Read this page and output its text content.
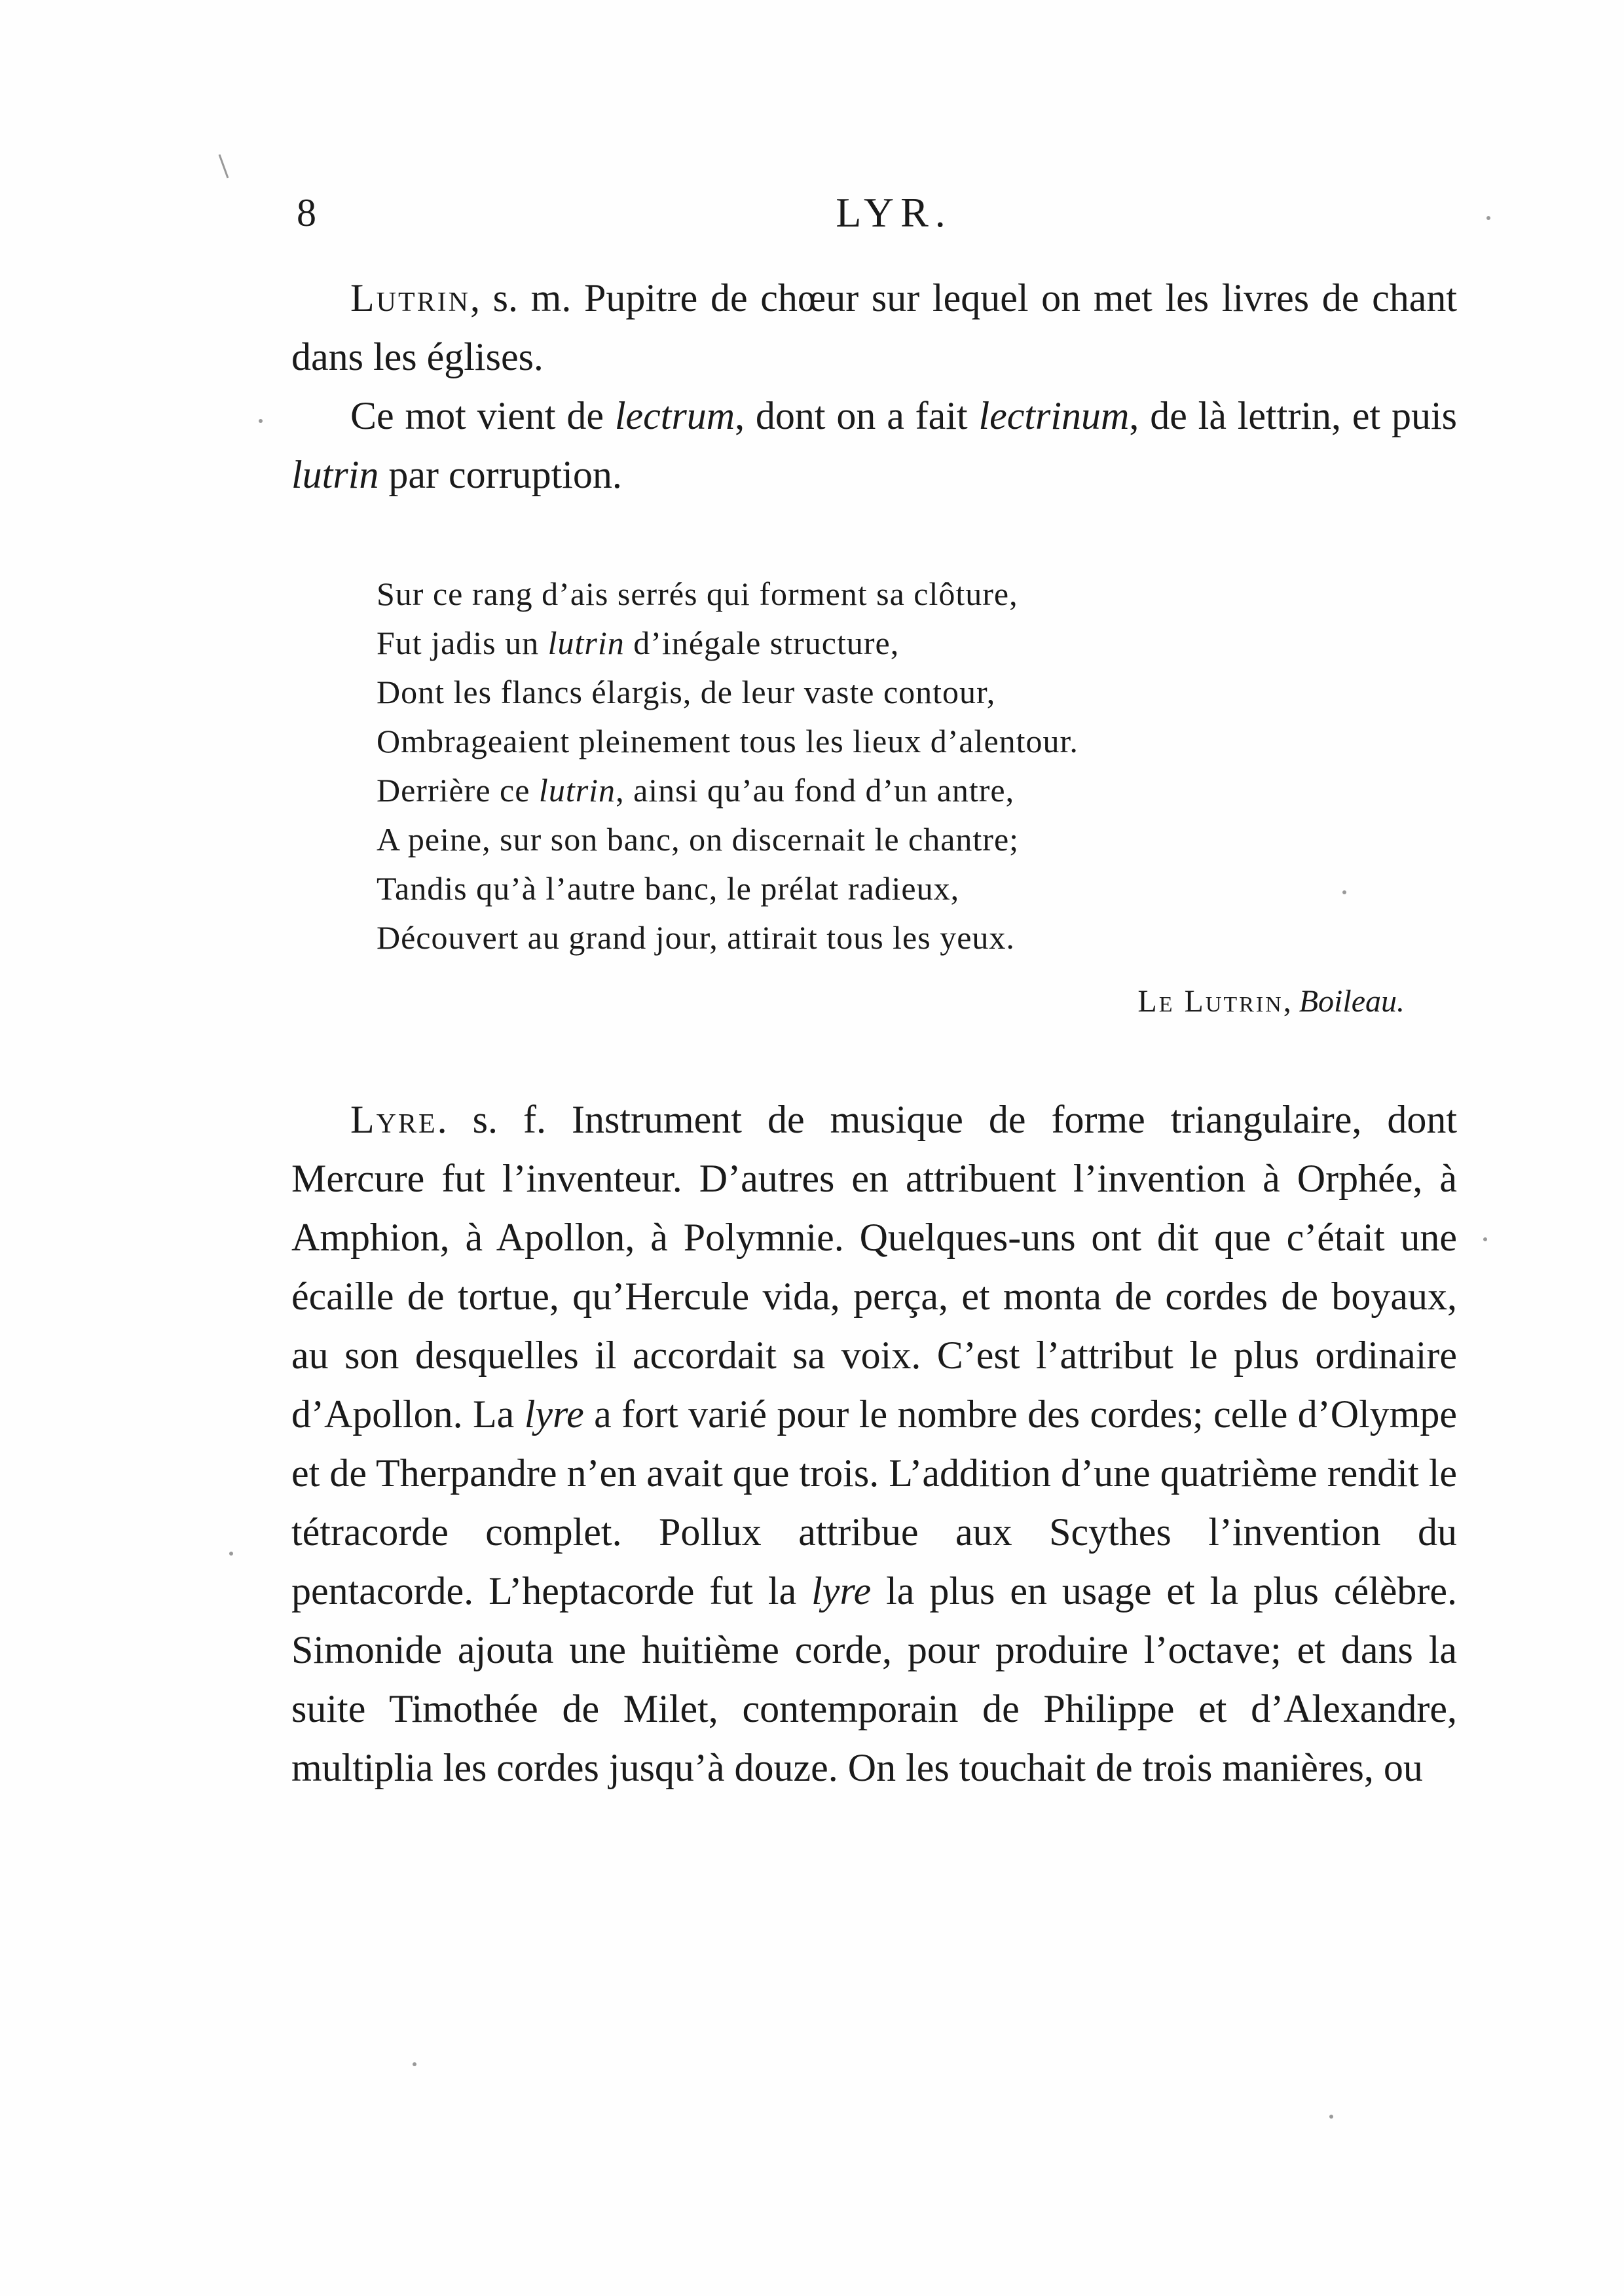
8	LYR.

Lutrin, s. m. Pupitre de chœur sur lequel on met les livres de chant dans les églises.

Ce mot vient de lectrum, dont on a fait lectrinum, de là lettrin, et puis lutrin par corruption.

Sur ce rang d’ais serrés qui forment sa clôture,
Fut jadis un lutrin d’inégale structure,
Dont les flancs élargis, de leur vaste contour,
Ombrageaient pleinement tous les lieux d’alentour.
Derrière ce lutrin, ainsi qu’au fond d’un antre,
A peine, sur son banc, on discernait le chantre;
Tandis qu’à l’autre banc, le prélat radieux,
Découvert au grand jour, attirait tous les yeux.
Le Lutrin, Boileau.

Lyre. s. f. Instrument de musique de forme triangulaire, dont Mercure fut l’inventeur. D’autres en attribuent l’invention à Orphée, à Amphion, à Apollon, à Polymnie. Quelques-uns ont dit que c’était une écaille de tortue, qu’Hercule vida, perça, et monta de cordes de boyaux, au son desquelles il accordait sa voix. C’est l’attribut le plus ordinaire d’Apollon. La lyre a fort varié pour le nombre des cordes; celle d’Olympe et de Therpandre n’en avait que trois. L’addition d’une quatrième rendit le tétracorde complet. Pollux attribue aux Scythes l’invention du pentacorde. L’heptacorde fut la lyre la plus en usage et la plus célèbre. Simonide ajouta une huitième corde, pour produire l’octave; et dans la suite Timothée de Milet, contemporain de Philippe et d’Alexandre, multiplia les cordes jusqu’à douze. On les touchait de trois manières, ou
